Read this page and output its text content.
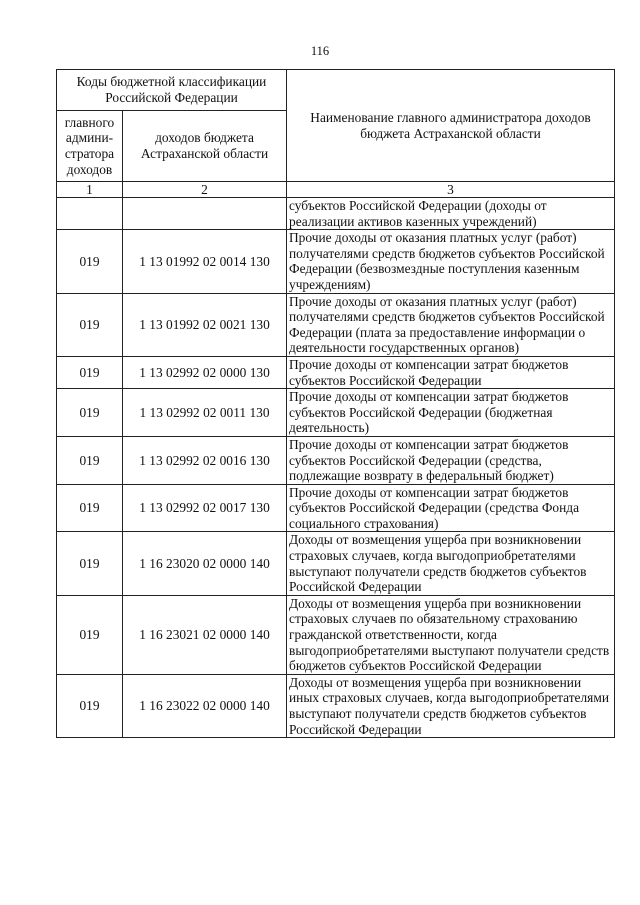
116
Коды бюджетной классификации Российской Федерации		Наименование главного администратора доходов бюджета Астраханской области
главного админи-стратора доходов	доходов бюджета Астраханской области	
1	2	3
		субъектов Российской Федерации (доходы от реализации активов казенных учреждений)
019	1 13 01992 02 0014 130	Прочие доходы от оказания платных услуг (работ) получателями средств бюджетов субъектов Российской Федерации (безвозмездные поступления казенным учреждениям)
019	1 13 01992 02 0021 130	Прочие доходы от оказания платных услуг (работ) получателями средств бюджетов субъектов Российской Федерации (плата за предоставление информации о деятельности государственных органов)
019	1 13 02992 02 0000 130	Прочие доходы от компенсации затрат бюджетов субъектов Российской Федерации
019	1 13 02992 02 0011 130	Прочие доходы от компенсации затрат бюджетов субъектов Российской Федерации (бюджетная деятельность)
019	1 13 02992 02 0016 130	Прочие доходы от компенсации затрат бюджетов субъектов Российской Федерации (средства, подлежащие возврату в федеральный бюджет)
019	1 13 02992 02 0017 130	Прочие доходы от компенсации затрат бюджетов субъектов Российской Федерации (средства Фонда социального страхования)
019	1 16 23020 02 0000 140	Доходы от возмещения ущерба при возникновении страховых случаев, когда выгодоприобретателями выступают получатели средств бюджетов субъектов Российской Федерации
019	1 16 23021 02 0000 140	Доходы от возмещения ущерба при возникновении страховых случаев по обязательному страхованию гражданской ответственности, когда выгодоприобретателями выступают получатели средств бюджетов субъектов Российской Федерации
019	1 16 23022 02 0000 140	Доходы от возмещения ущерба при возникновении иных страховых случаев, когда выгодоприобретателями выступают получатели средств бюджетов субъектов Российской Федерации
